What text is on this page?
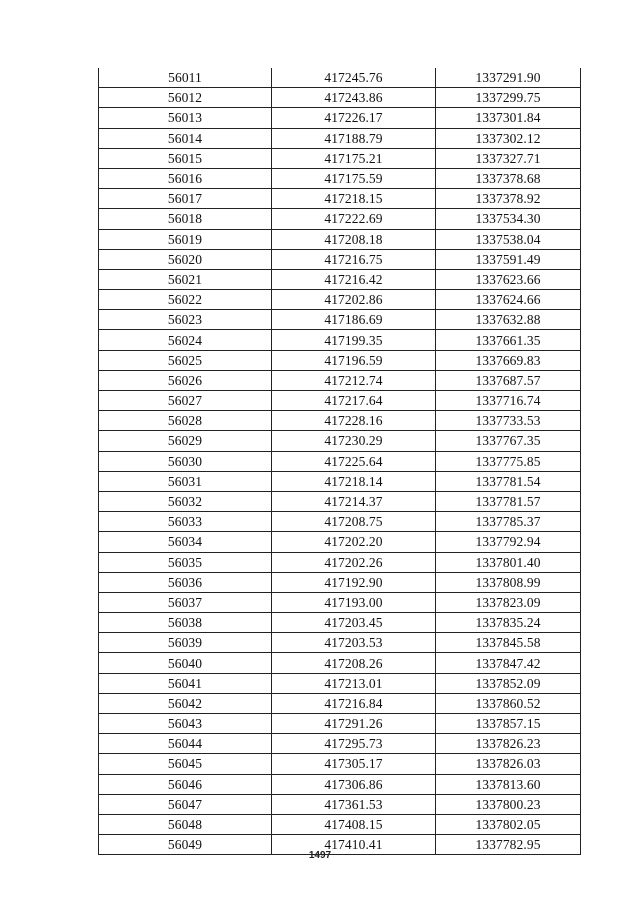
56011	417245.76	1337291.90
56012	417243.86	1337299.75
56013	417226.17	1337301.84
56014	417188.79	1337302.12
56015	417175.21	1337327.71
56016	417175.59	1337378.68
56017	417218.15	1337378.92
56018	417222.69	1337534.30
56019	417208.18	1337538.04
56020	417216.75	1337591.49
56021	417216.42	1337623.66
56022	417202.86	1337624.66
56023	417186.69	1337632.88
56024	417199.35	1337661.35
56025	417196.59	1337669.83
56026	417212.74	1337687.57
56027	417217.64	1337716.74
56028	417228.16	1337733.53
56029	417230.29	1337767.35
56030	417225.64	1337775.85
56031	417218.14	1337781.54
56032	417214.37	1337781.57
56033	417208.75	1337785.37
56034	417202.20	1337792.94
56035	417202.26	1337801.40
56036	417192.90	1337808.99
56037	417193.00	1337823.09
56038	417203.45	1337835.24
56039	417203.53	1337845.58
56040	417208.26	1337847.42
56041	417213.01	1337852.09
56042	417216.84	1337860.52
56043	417291.26	1337857.15
56044	417295.73	1337826.23
56045	417305.17	1337826.03
56046	417306.86	1337813.60
56047	417361.53	1337800.23
56048	417408.15	1337802.05
56049	417410.41	1337782.95
1497
